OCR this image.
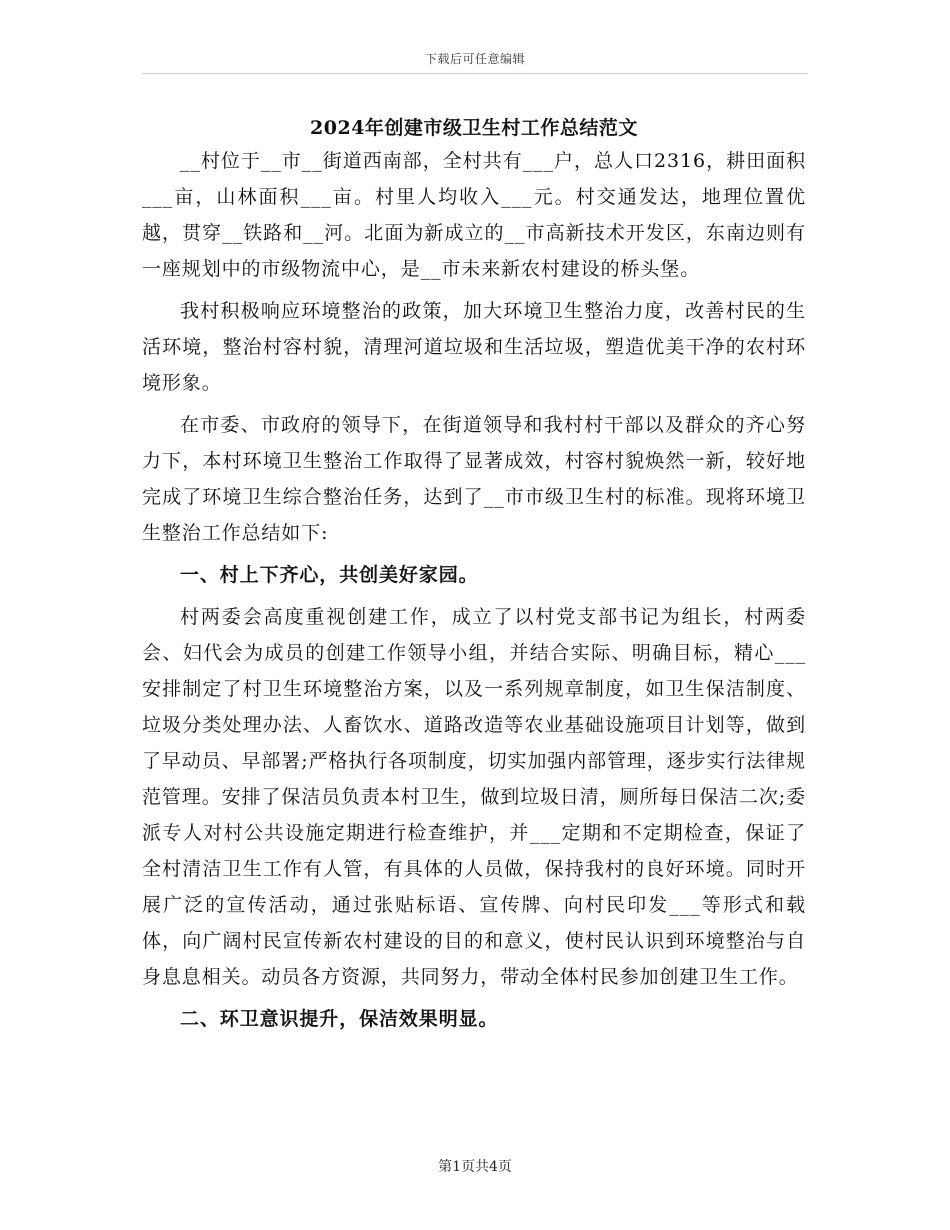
下载后可任意编辑
2024年创建市级卫生村工作总结范文

__村位于__市__街道西南部，全村共有___户，总人口2316，耕田面积___亩，山林面积___亩。村里人均收入___元。村交通发达，地理位置优越，贯穿__铁路和__河。北面为新成立的__市高新技术开发区，东南边则有一座规划中的市级物流中心，是__市未来新农村建设的桥头堡。

我村积极响应环境整治的政策，加大环境卫生整治力度，改善村民的生活环境，整治村容村貌，清理河道垃圾和生活垃圾，塑造优美干净的农村环境形象。

在市委、市政府的领导下，在街道领导和我村村干部以及群众的齐心努力下，本村环境卫生整治工作取得了显著成效，村容村貌焕然一新，较好地完成了环境卫生综合整治任务，达到了__市市级卫生村的标准。现将环境卫生整治工作总结如下:

一、村上下齐心，共创美好家园。

村两委会高度重视创建工作，成立了以村党支部书记为组长，村两委会、妇代会为成员的创建工作领导小组，并结合实际、明确目标，精心___安排制定了村卫生环境整治方案，以及一系列规章制度，如卫生保洁制度、垃圾分类处理办法、人畜饮水、道路改造等农业基础设施项目计划等，做到了早动员、早部署;严格执行各项制度，切实加强内部管理，逐步实行法律规范管理。安排了保洁员负责本村卫生，做到垃圾日清，厕所每日保洁二次;委派专人对村公共设施定期进行检查维护，并___定期和不定期检查，保证了全村清洁卫生工作有人管，有具体的人员做，保持我村的良好环境。同时开展广泛的宣传活动，通过张贴标语、宣传牌、向村民印发___等形式和载体，向广阔村民宣传新农村建设的目的和意义，使村民认识到环境整治与自身息息相关。动员各方资源，共同努力，带动全体村民参加创建卫生工作。

二、环卫意识提升，保洁效果明显。

第1页共4页
